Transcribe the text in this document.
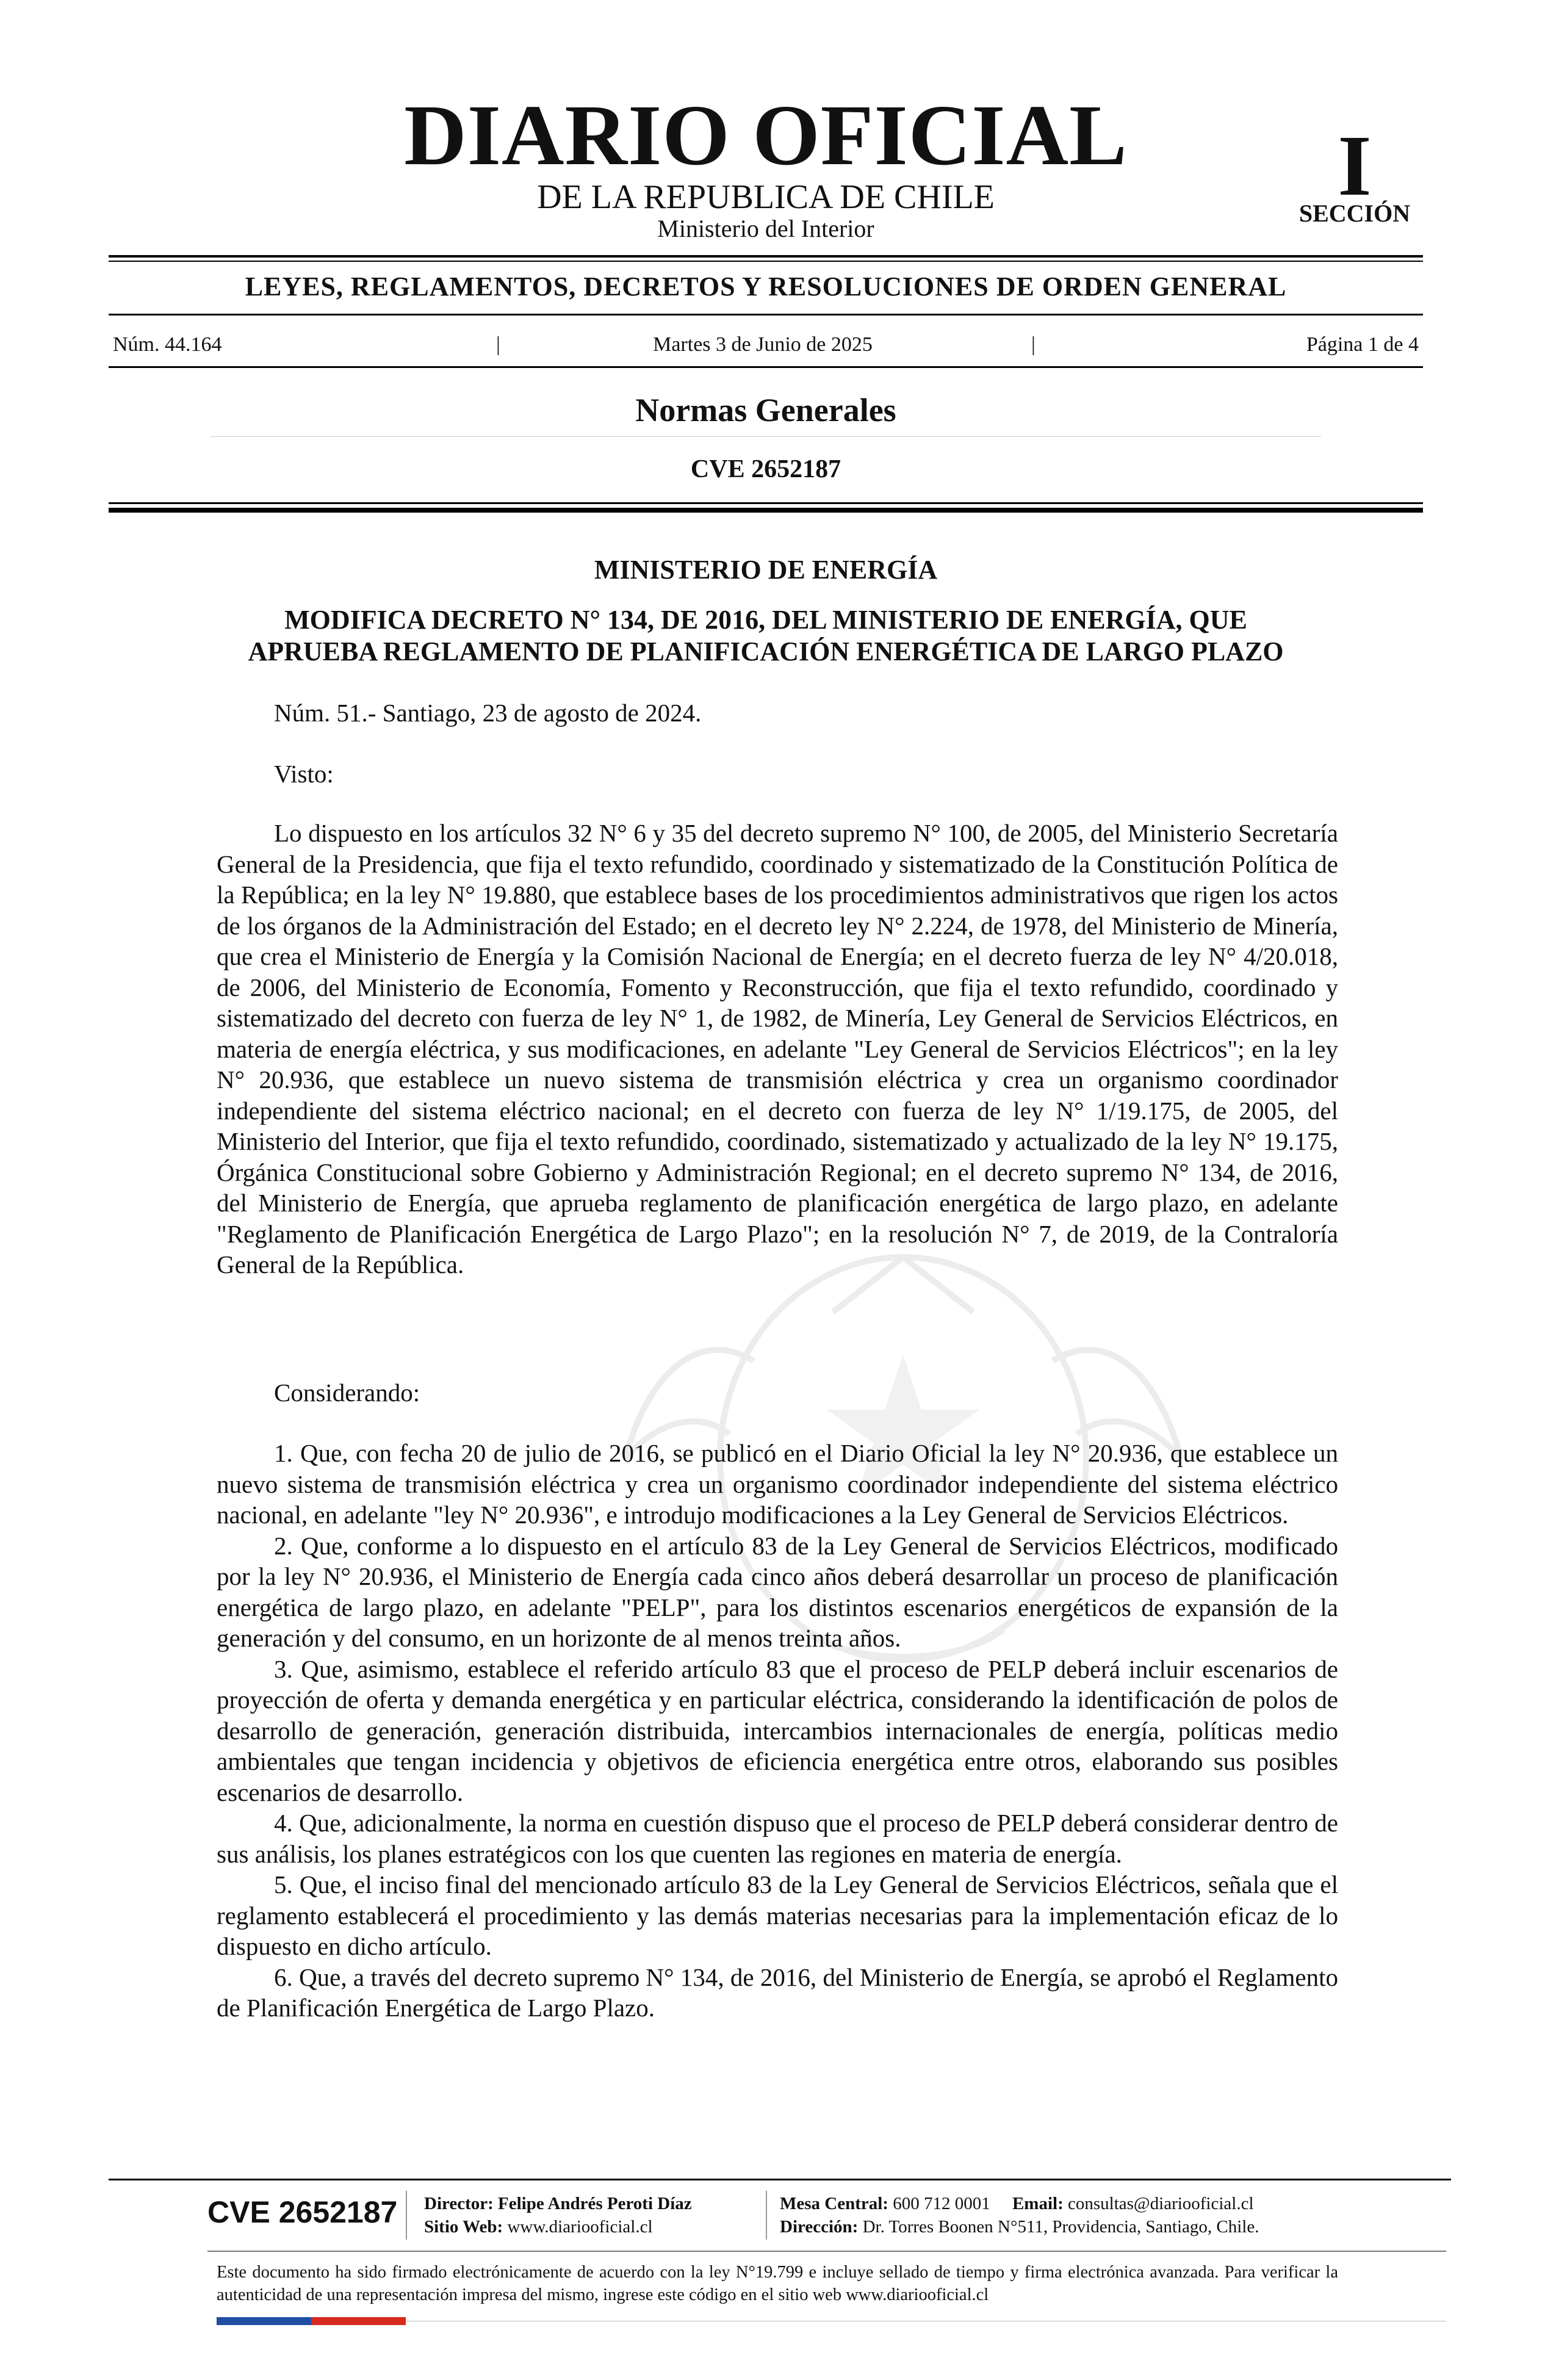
DIARIO OFICIAL
DE LA REPUBLICA DE CHILE
Ministerio del Interior
I
SECCIÓN
LEYES, REGLAMENTOS, DECRETOS Y RESOLUCIONES DE ORDEN GENERAL
Núm. 44.164	|	Martes 3 de Junio de 2025	|	Página 1 de 4
Normas Generales
CVE 2652187
MINISTERIO DE ENERGÍA
MODIFICA DECRETO N° 134, DE 2016, DEL MINISTERIO DE ENERGÍA, QUE
APRUEBA REGLAMENTO DE PLANIFICACIÓN ENERGÉTICA DE LARGO PLAZO
Núm. 51.- Santiago, 23 de agosto de 2024.
Visto:

Lo dispuesto en los artículos 32 N° 6 y 35 del decreto supremo N° 100, de 2005, del Ministerio Secretaría General de la Presidencia, que fija el texto refundido, coordinado y sistematizado de la Constitución Política de la República; en la ley N° 19.880, que establece bases de los procedimientos administrativos que rigen los actos de los órganos de la Administración del Estado; en el decreto ley N° 2.224, de 1978, del Ministerio de Minería, que crea el Ministerio de Energía y la Comisión Nacional de Energía; en el decreto fuerza de ley N° 4/20.018, de 2006, del Ministerio de Economía, Fomento y Reconstrucción, que fija el texto refundido, coordinado y sistematizado del decreto con fuerza de ley N° 1, de 1982, de Minería, Ley General de Servicios Eléctricos, en materia de energía eléctrica, y sus modificaciones, en adelante "Ley General de Servicios Eléctricos"; en la ley N° 20.936, que establece un nuevo sistema de transmisión eléctrica y crea un organismo coordinador independiente del sistema eléctrico nacional; en el decreto con fuerza de ley N° 1/19.175, de 2005, del Ministerio del Interior, que fija el texto refundido, coordinado, sistematizado y actualizado de la ley N° 19.175, Órgánica Constitucional sobre Gobierno y Administración Regional; en el decreto supremo N° 134, de 2016, del Ministerio de Energía, que aprueba reglamento de planificación energética de largo plazo, en adelante "Reglamento de Planificación Energética de Largo Plazo"; en la resolución N° 7, de 2019, de la Contraloría General de la República.

Considerando:

1. Que, con fecha 20 de julio de 2016, se publicó en el Diario Oficial la ley N° 20.936, que establece un nuevo sistema de transmisión eléctrica y crea un organismo coordinador independiente del sistema eléctrico nacional, en adelante "ley N° 20.936", e introdujo modificaciones a la Ley General de Servicios Eléctricos.

2. Que, conforme a lo dispuesto en el artículo 83 de la Ley General de Servicios Eléctricos, modificado por la ley N° 20.936, el Ministerio de Energía cada cinco años deberá desarrollar un proceso de planificación energética de largo plazo, en adelante "PELP", para los distintos escenarios energéticos de expansión de la generación y del consumo, en un horizonte de al menos treinta años.

3. Que, asimismo, establece el referido artículo 83 que el proceso de PELP deberá incluir escenarios de proyección de oferta y demanda energética y en particular eléctrica, considerando la identificación de polos de desarrollo de generación, generación distribuida, intercambios internacionales de energía, políticas medio ambientales que tengan incidencia y objetivos de eficiencia energética entre otros, elaborando sus posibles escenarios de desarrollo.

4. Que, adicionalmente, la norma en cuestión dispuso que el proceso de PELP deberá considerar dentro de sus análisis, los planes estratégicos con los que cuenten las regiones en materia de energía.

5. Que, el inciso final del mencionado artículo 83 de la Ley General de Servicios Eléctricos, señala que el reglamento establecerá el procedimiento y las demás materias necesarias para la implementación eficaz de lo dispuesto en dicho artículo.

6. Que, a través del decreto supremo N° 134, de 2016, del Ministerio de Energía, se aprobó el Reglamento de Planificación Energética de Largo Plazo.

CVE 2652187 Director: Felipe Andrés Peroti Díaz
Sitio Web: www.diariooficial.cl
Mesa Central: 600 712 0001 Email: consultas@diariooficial.cl
Dirección: Dr. Torres Boonen N°511, Providencia, Santiago, Chile.
Este documento ha sido firmado electrónicamente de acuerdo con la ley N°19.799 e incluye sellado de tiempo y firma electrónica avanzada. Para verificar la autenticidad de una representación impresa del mismo, ingrese este código en el sitio web www.diariooficial.cl
